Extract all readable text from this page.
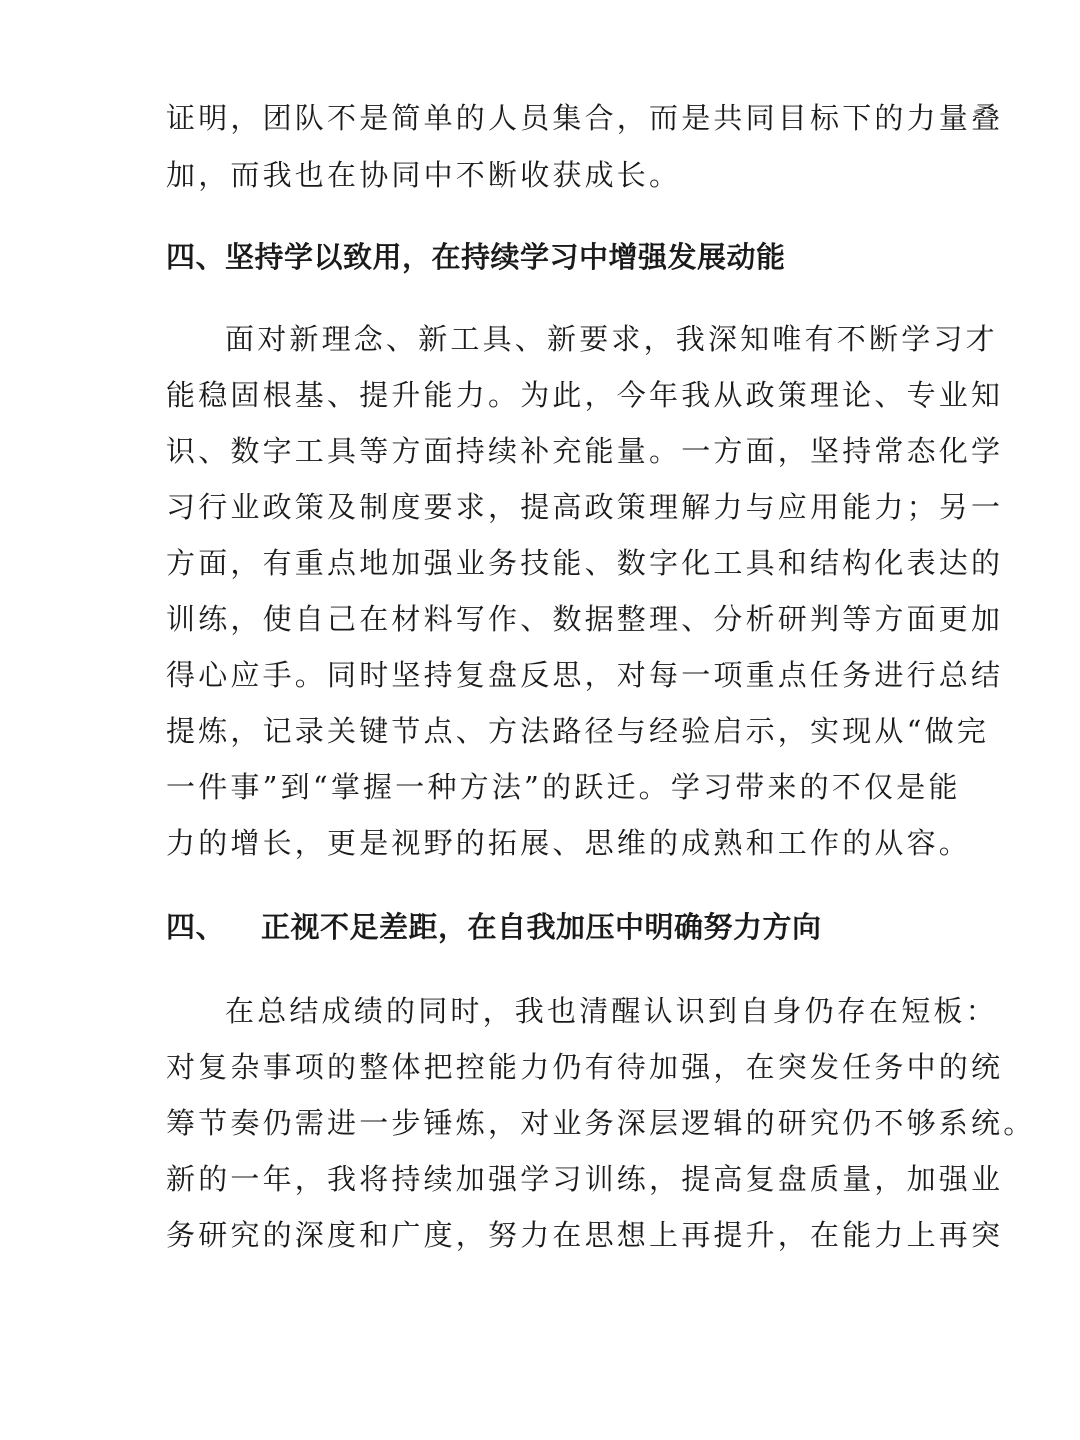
证明，团队不是简单的人员集合，而是共同目标下的力量叠
加，而我也在协同中不断收获成长。
四、坚持学以致用，在持续学习中增强发展动能
面对新理念、新工具、新要求，我深知唯有不断学习才
能稳固根基、提升能力。为此，今年我从政策理论、专业知
识、数字工具等方面持续补充能量。一方面，坚持常态化学
习行业政策及制度要求，提高政策理解力与应用能力；另一
方面，有重点地加强业务技能、数字化工具和结构化表达的
训练，使自己在材料写作、数据整理、分析研判等方面更加
得心应手。同时坚持复盘反思，对每一项重点任务进行总结
提炼，记录关键节点、方法路径与经验启示，实现从“做完
一件事”到“掌握一种方法”的跃迁。学习带来的不仅是能
力的增长，更是视野的拓展、思维的成熟和工作的从容。
四、 正视不足差距，在自我加压中明确努力方向
在总结成绩的同时，我也清醒认识到自身仍存在短板：
对复杂事项的整体把控能力仍有待加强，在突发任务中的统
筹节奏仍需进一步锤炼，对业务深层逻辑的研究仍不够系统。
新的一年，我将持续加强学习训练，提高复盘质量，加强业
务研究的深度和广度，努力在思想上再提升，在能力上再突
